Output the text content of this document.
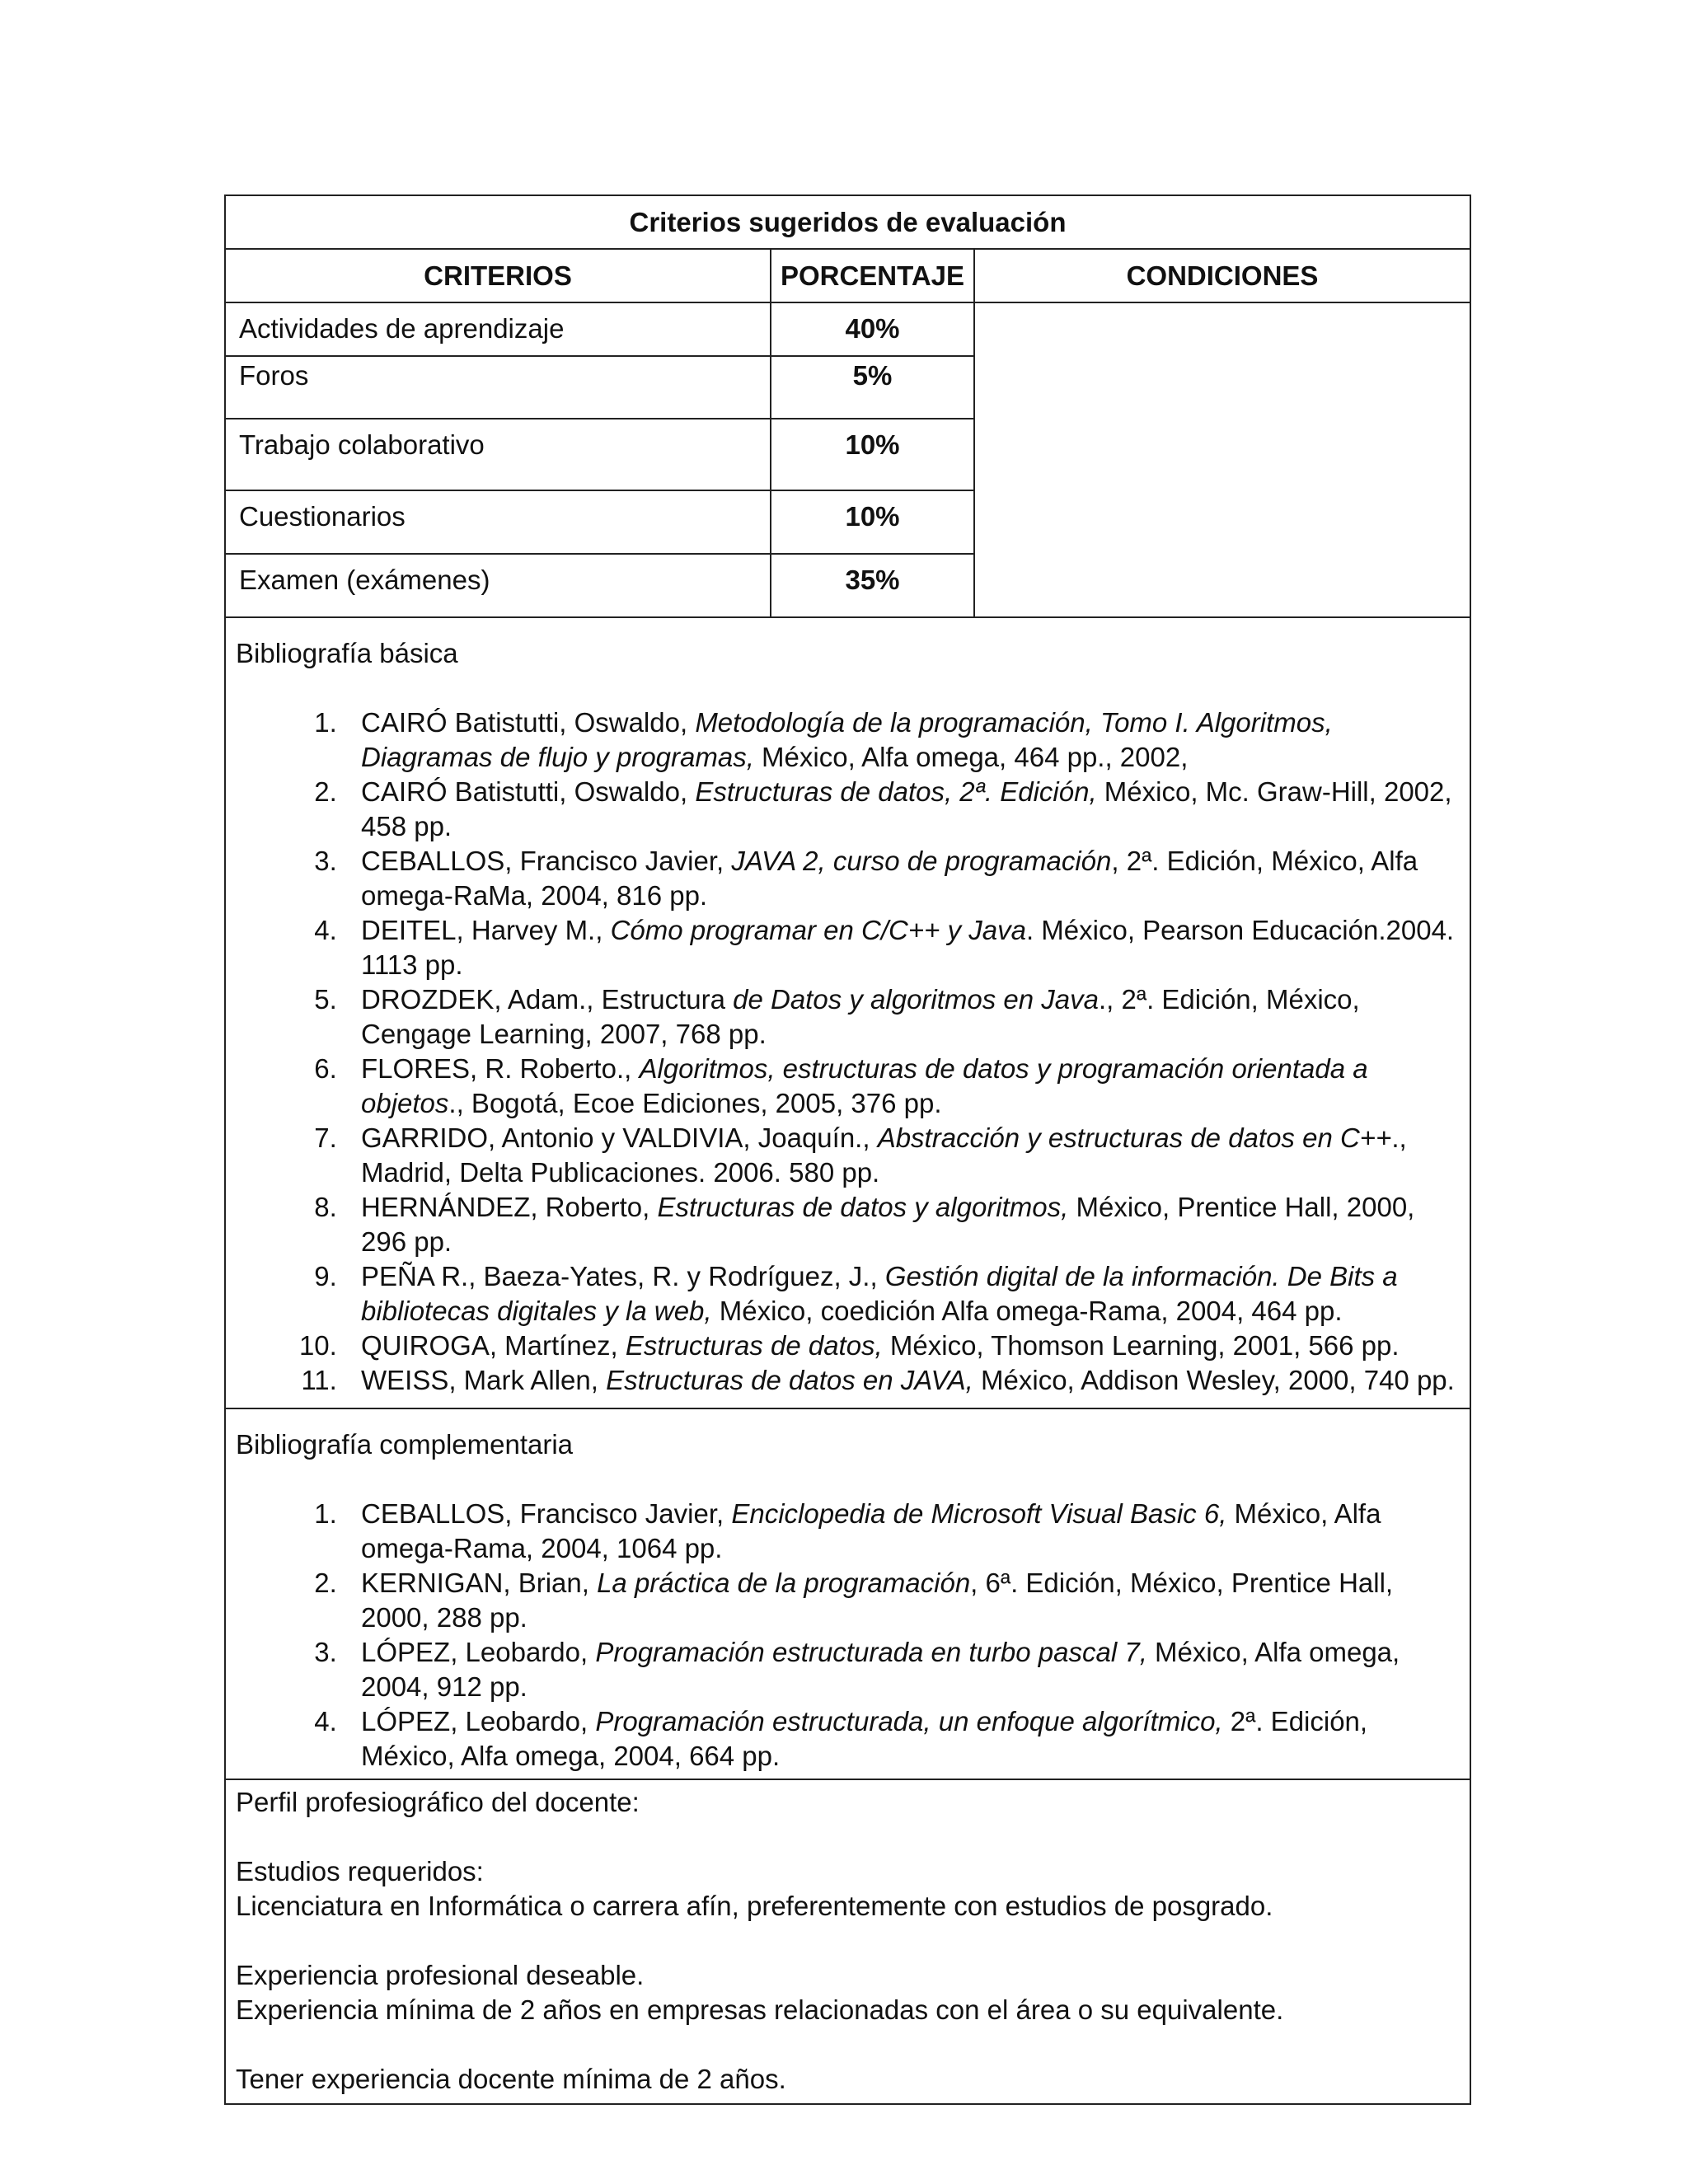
Criterios sugeridos de evaluación
CRITERIOS	PORCENTAJE	CONDICIONES
Actividades de aprendizaje	40%
Foros	5%
Trabajo colaborativo	10%
Cuestionarios	10%
Examen (exámenes)	35%
Bibliografía básica
1. CAIRÓ Batistutti, Oswaldo, Metodología de la programación, Tomo I. Algoritmos, Diagramas de flujo y programas, México, Alfa omega, 464 pp., 2002,
2. CAIRÓ Batistutti, Oswaldo, Estructuras de datos, 2ª. Edición, México, Mc. Graw-Hill, 2002, 458 pp.
3. CEBALLOS, Francisco Javier, JAVA 2, curso de programación, 2ª. Edición, México, Alfa omega-RaMa, 2004, 816 pp.
4. DEITEL, Harvey M., Cómo programar en C/C++ y Java. México, Pearson Educación.2004. 1113 pp.
5. DROZDEK, Adam., Estructura de Datos y algoritmos en Java., 2ª. Edición, México, Cengage Learning, 2007, 768 pp.
6. FLORES, R. Roberto., Algoritmos, estructuras de datos y programación orientada a objetos., Bogotá, Ecoe Ediciones, 2005, 376 pp.
7. GARRIDO, Antonio y VALDIVIA, Joaquín., Abstracción y estructuras de datos en C++., Madrid, Delta Publicaciones. 2006. 580 pp.
8. HERNÁNDEZ, Roberto, Estructuras de datos y algoritmos, México, Prentice Hall, 2000, 296 pp.
9. PEÑA R., Baeza-Yates, R. y Rodríguez, J., Gestión digital de la información. De Bits a bibliotecas digitales y la web, México, coedición Alfa omega-Rama, 2004, 464 pp.
10. QUIROGA, Martínez, Estructuras de datos, México, Thomson Learning, 2001, 566 pp.
11. WEISS, Mark Allen, Estructuras de datos en JAVA, México, Addison Wesley, 2000, 740 pp.
Bibliografía complementaria
1. CEBALLOS, Francisco Javier, Enciclopedia de Microsoft Visual Basic 6, México, Alfa omega-Rama, 2004, 1064 pp.
2. KERNIGAN, Brian, La práctica de la programación, 6ª. Edición, México, Prentice Hall, 2000, 288 pp.
3. LÓPEZ, Leobardo, Programación estructurada en turbo pascal 7, México, Alfa omega, 2004, 912 pp.
4. LÓPEZ, Leobardo, Programación estructurada, un enfoque algorítmico, 2ª. Edición, México, Alfa omega, 2004, 664 pp.

Perfil profesiográfico del docente:

Estudios requeridos:

Licenciatura en Informática o carrera afín, preferentemente con estudios de posgrado.

Experiencia profesional deseable.

Experiencia mínima de 2 años en empresas relacionadas con el área o su equivalente.

Tener experiencia docente mínima de 2 años.
